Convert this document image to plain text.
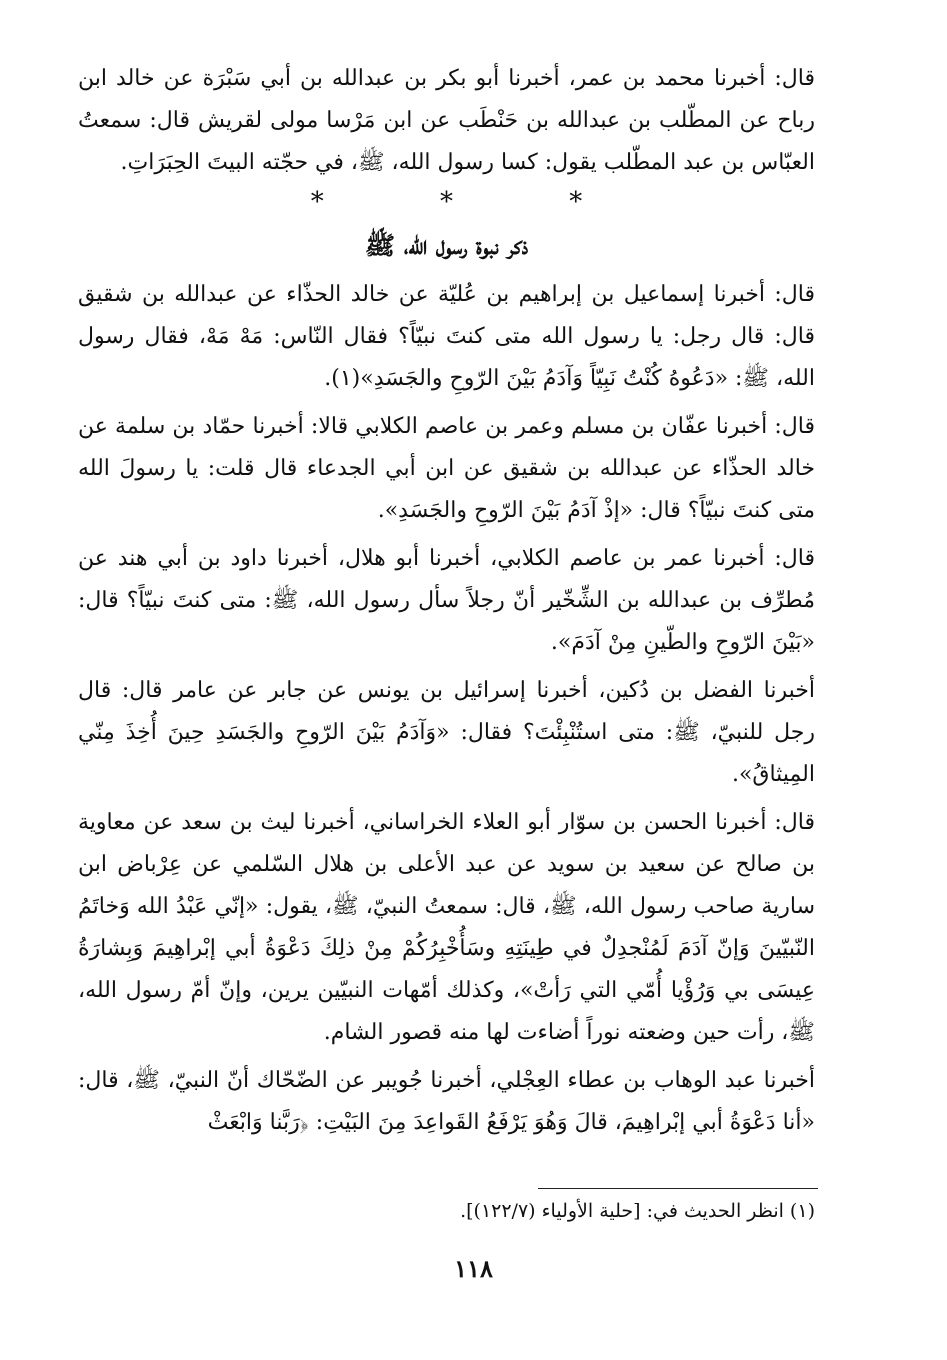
قال: أخبرنا محمد بن عمر، أخبرنا أبو بكر بن عبدالله بن أبي سَبْرَة عن خالد ابن رباح عن المطّلب بن عبدالله بن حَنْطَب عن ابن مَرْسا مولى لقريش قال: سمعتُ العبّاس بن عبد المطّلب يقول: كسا رسول الله، ﷺ، في حجّته البيتَ الحِبَرَاتِ.

* * *

ذكر نبوة رسول الله، ﷺ

قال: أخبرنا إسماعيل بن إبراهيم بن عُليّة عن خالد الحذّاء عن عبدالله بن شقيق قال: قال رجل: يا رسول الله متى كنتَ نبيّاً؟ فقال النّاس: مَهْ مَهْ، فقال رسول الله، ﷺ: «دَعُوهُ كُنْتُ نَبِيّاً وَآدَمُ بَيْنَ الرّوحِ والجَسَدِ»(١).

قال: أخبرنا عفّان بن مسلم وعمر بن عاصم الكلابي قالا: أخبرنا حمّاد بن سلمة عن خالد الحذّاء عن عبدالله بن شقيق عن ابن أبي الجدعاء قال قلت: يا رسولَ الله متى كنتَ نبيّاً؟ قال: «إذْ آدَمُ بَيْنَ الرّوحِ والجَسَدِ».

قال: أخبرنا عمر بن عاصم الكلابي، أخبرنا أبو هلال، أخبرنا داود بن أبي هند عن مُطرِّف بن عبدالله بن الشِّخّير أنّ رجلاً سأل رسول الله، ﷺ: متى كنتَ نبيّاً؟ قال: «بَيْنَ الرّوحِ والطّينِ مِنْ آدَمَ».

أخبرنا الفضل بن دُكين، أخبرنا إسرائيل بن يونس عن جابر عن عامر قال: قال رجل للنبيّ، ﷺ: متى استُنْبِئْتَ؟ فقال: «وَآدَمُ بَيْنَ الرّوحِ والجَسَدِ حِينَ أُخِذَ مِنّي المِيثاقُ».

قال: أخبرنا الحسن بن سوّار أبو العلاء الخراساني، أخبرنا ليث بن سعد عن معاوية بن صالح عن سعيد بن سويد عن عبد الأعلى بن هلال السّلمي عن عِرْباض ابن سارية صاحب رسول الله، ﷺ، قال: سمعتُ النبيّ، ﷺ، يقول: «إنّي عَبْدُ الله وَخاتَمُ النّبيّينَ وَإنّ آدَمَ لَمُنْجدِلٌ في طِينَتِهِ وسَأُخْبِرُكُمْ مِنْ ذلِكَ دَعْوَةُ أبي إبْراهِيمَ وَبِشارَةُ عِيسَى بي وَرُؤْيا أُمّي التي رَأتْ»، وكذلك أمّهات النبيّين يرين، وإنّ أمّ رسول الله، ﷺ، رأت حين وضعته نوراً أضاءت لها منه قصور الشام.

أخبرنا عبد الوهاب بن عطاء العِجْلي، أخبرنا جُويبر عن الضّحّاك أنّ النبيّ، ﷺ، قال: «أنا دَعْوَةُ أبي إبْراهِيمَ، قالَ وَهُوَ يَرْفَعُ القَواعِدَ مِنَ البَيْتِ: ﴿رَبَّنا وَابْعَثْ

(١) انظر الحديث في: [حلية الأولياء (١٢٢/٧)].
١١٨
